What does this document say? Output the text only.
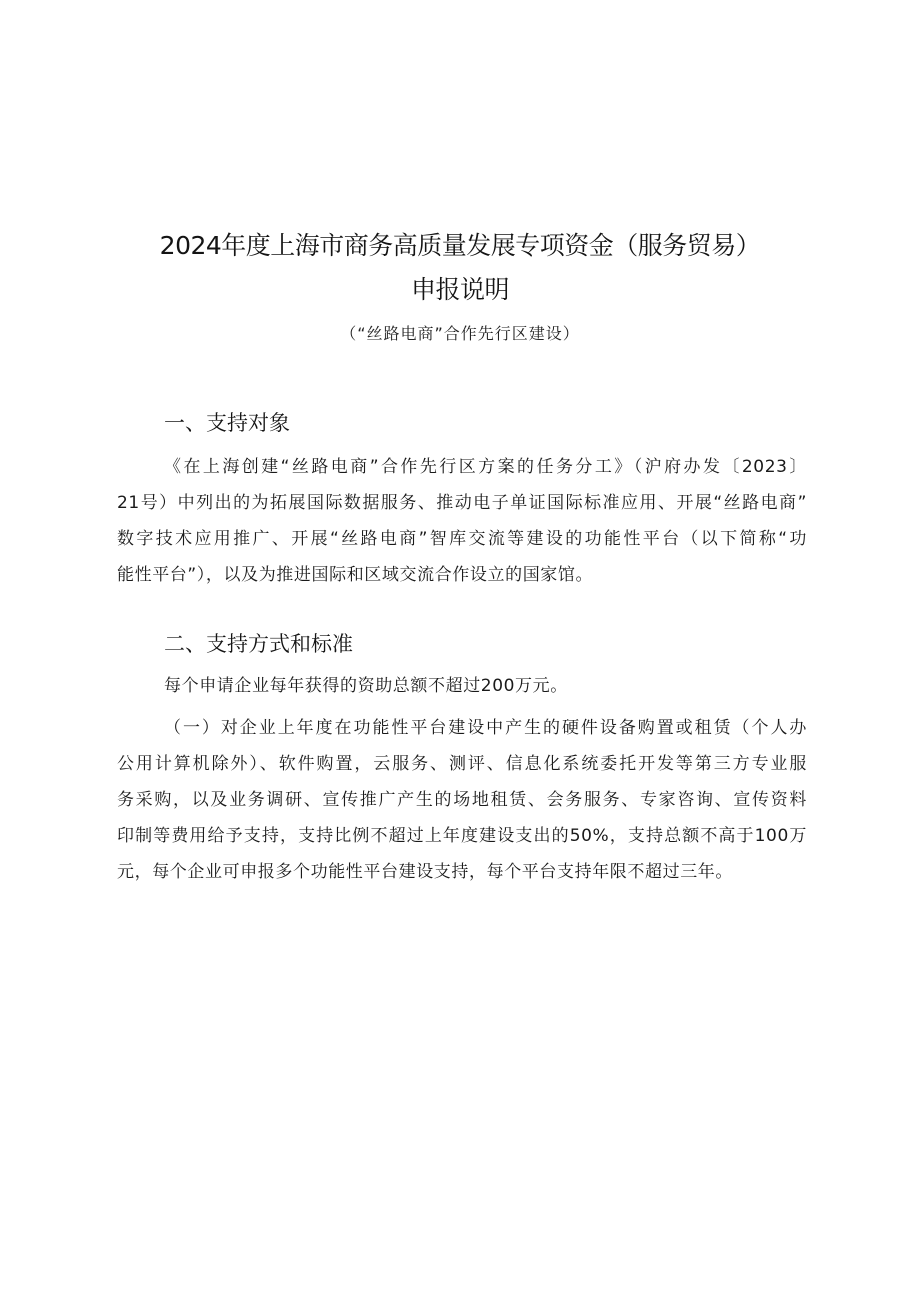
2024年度上海市商务高质量发展专项资金（服务贸易）
申报说明
（“丝路电商”合作先行区建设）
一、支持对象
《在上海创建“丝路电商”合作先行区方案的任务分工》（沪府办发〔2023〕
21号）中列出的为拓展国际数据服务、推动电子单证国际标准应用、开展“丝路电商”
数字技术应用推广、开展“丝路电商”智库交流等建设的功能性平台（以下简称“功
能性平台”），以及为推进国际和区域交流合作设立的国家馆。
二、支持方式和标准
每个申请企业每年获得的资助总额不超过200万元。
（一）对企业上年度在功能性平台建设中产生的硬件设备购置或租赁（个人办
公用计算机除外）、软件购置，云服务、测评、信息化系统委托开发等第三方专业服
务采购，以及业务调研、宣传推广产生的场地租赁、会务服务、专家咨询、宣传资料
印制等费用给予支持，支持比例不超过上年度建设支出的50%，支持总额不高于100万
元，每个企业可申报多个功能性平台建设支持，每个平台支持年限不超过三年。
